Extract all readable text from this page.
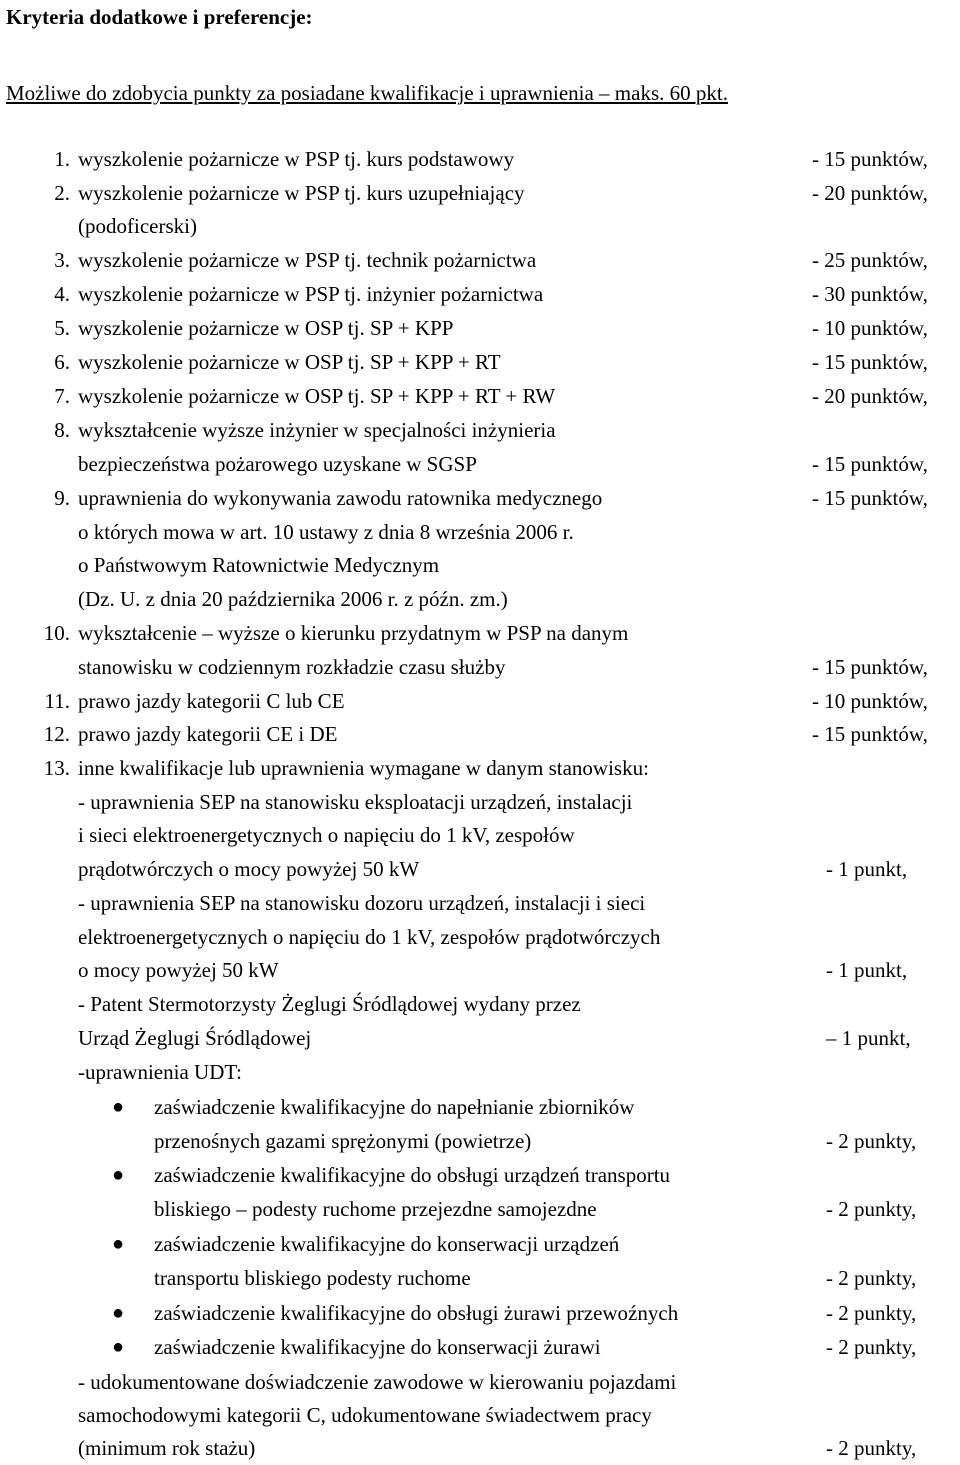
Kryteria dodatkowe i preferencje:
Możliwe do zdobycia punkty za posiadane kwalifikacje i uprawnienia – maks. 60 pkt.
1. wyszkolenie pożarnicze w PSP tj. kurs podstawowy	- 15 punktów,
2. wyszkolenie pożarnicze w PSP tj. kurs uzupełniający	- 20 punktów,
(podoficerski)
3. wyszkolenie pożarnicze w PSP tj. technik pożarnictwa	- 25 punktów,
4. wyszkolenie pożarnicze w PSP tj. inżynier pożarnictwa	- 30 punktów,
5. wyszkolenie pożarnicze w OSP tj. SP + KPP	- 10 punktów,
6. wyszkolenie pożarnicze w OSP tj. SP + KPP + RT	- 15 punktów,
7. wyszkolenie pożarnicze w OSP tj. SP + KPP + RT + RW	- 20 punktów,
8. wykształcenie wyższe inżynier w specjalności inżynieria
bezpieczeństwa pożarowego uzyskane w SGSP	- 15 punktów,
9. uprawnienia do wykonywania zawodu ratownika medycznego	- 15 punktów,
o których mowa w art. 10 ustawy z dnia 8 września 2006 r.
o Państwowym Ratownictwie Medycznym
(Dz. U. z dnia 20 października 2006 r. z późn. zm.)
10. wykształcenie – wyższe o kierunku przydatnym w PSP na danym
stanowisku w codziennym rozkładzie czasu służby	- 15 punktów,
11. prawo jazdy kategorii C lub CE	- 10 punktów,
12. prawo jazdy kategorii CE i DE	- 15 punktów,
13. inne kwalifikacje lub uprawnienia wymagane w danym stanowisku:
- uprawnienia SEP na stanowisku eksploatacji urządzeń, instalacji
i sieci elektroenergetycznych o napięciu do 1 kV, zespołów
prądotwórczych o mocy powyżej 50 kW	- 1 punkt,
- uprawnienia SEP na stanowisku dozoru urządzeń, instalacji i sieci
elektroenergetycznych o napięciu do 1 kV, zespołów prądotwórczych
o mocy powyżej 50 kW	- 1 punkt,
- Patent Stermotorzysty Żeglugi Śródlądowej wydany przez
Urząd Żeglugi Śródlądowej	– 1 punkt,
-uprawnienia UDT:
● zaświadczenie kwalifikacyjne do napełnianie zbiorników
przenośnych gazami sprężonymi (powietrze)	- 2 punkty,
● zaświadczenie kwalifikacyjne do obsługi urządzeń transportu
bliskiego – podesty ruchome przejezdne samojezdne	- 2 punkty,
● zaświadczenie kwalifikacyjne do konserwacji urządzeń
transportu bliskiego podesty ruchome	- 2 punkty,
● zaświadczenie kwalifikacyjne do obsługi żurawi przewoźnych	- 2 punkty,
● zaświadczenie kwalifikacyjne do konserwacji żurawi	- 2 punkty,
- udokumentowane doświadczenie zawodowe w kierowaniu pojazdami
samochodowymi kategorii C, udokumentowane świadectwem pracy
(minimum rok stażu)	- 2 punkty,
